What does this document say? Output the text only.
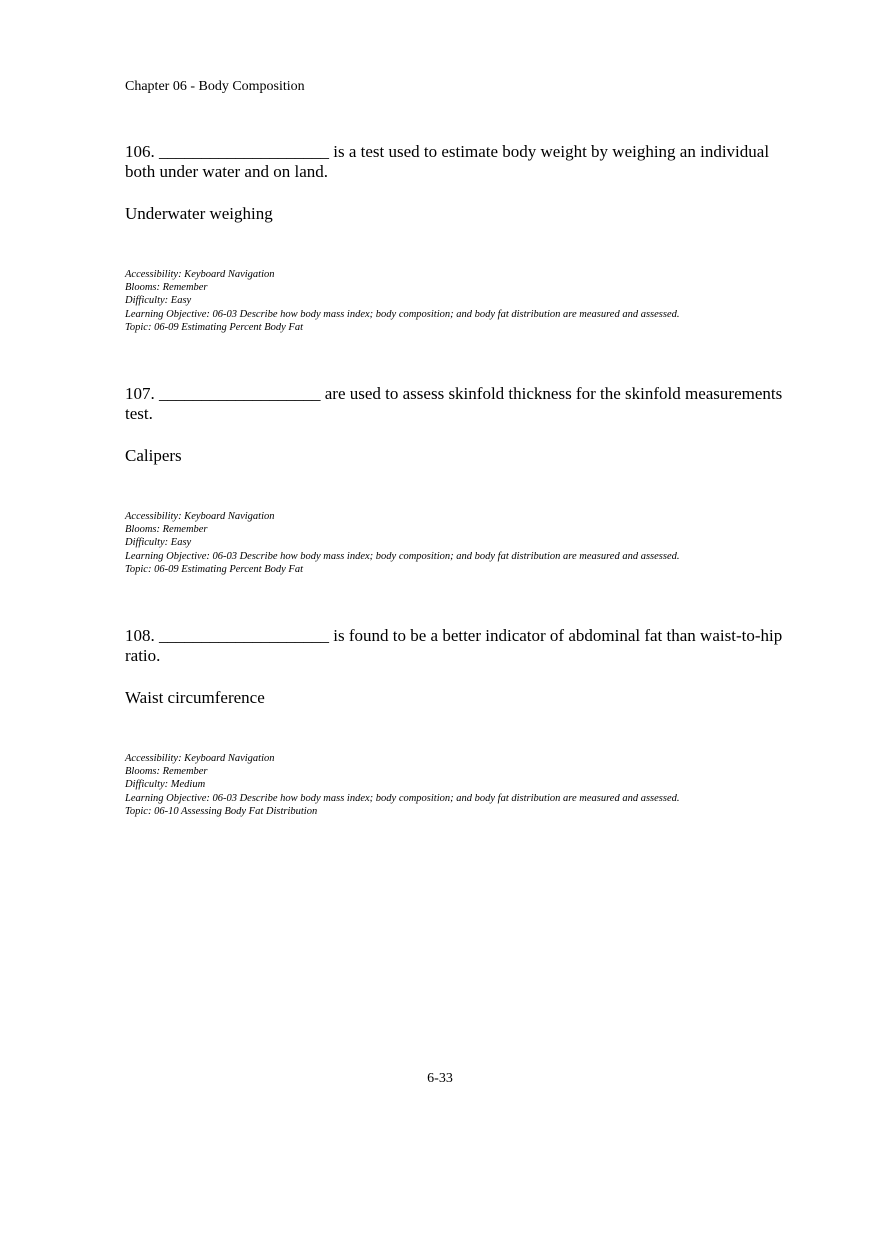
Chapter 06 - Body Composition

106. ____________________ is a test used to estimate body weight by weighing an individual both under water and on land.

Underwater weighing

Accessibility: Keyboard Navigation
Blooms: Remember
Difficulty: Easy
Learning Objective: 06-03 Describe how body mass index; body composition; and body fat distribution are measured and assessed.
Topic: 06-09 Estimating Percent Body Fat

107. ___________________ are used to assess skinfold thickness for the skinfold measurements test.

Calipers

Accessibility: Keyboard Navigation
Blooms: Remember
Difficulty: Easy
Learning Objective: 06-03 Describe how body mass index; body composition; and body fat distribution are measured and assessed.
Topic: 06-09 Estimating Percent Body Fat

108. ____________________ is found to be a better indicator of abdominal fat than waist-to-hip ratio.

Waist circumference

Accessibility: Keyboard Navigation
Blooms: Remember
Difficulty: Medium
Learning Objective: 06-03 Describe how body mass index; body composition; and body fat distribution are measured and assessed.
Topic: 06-10 Assessing Body Fat Distribution
6-33
